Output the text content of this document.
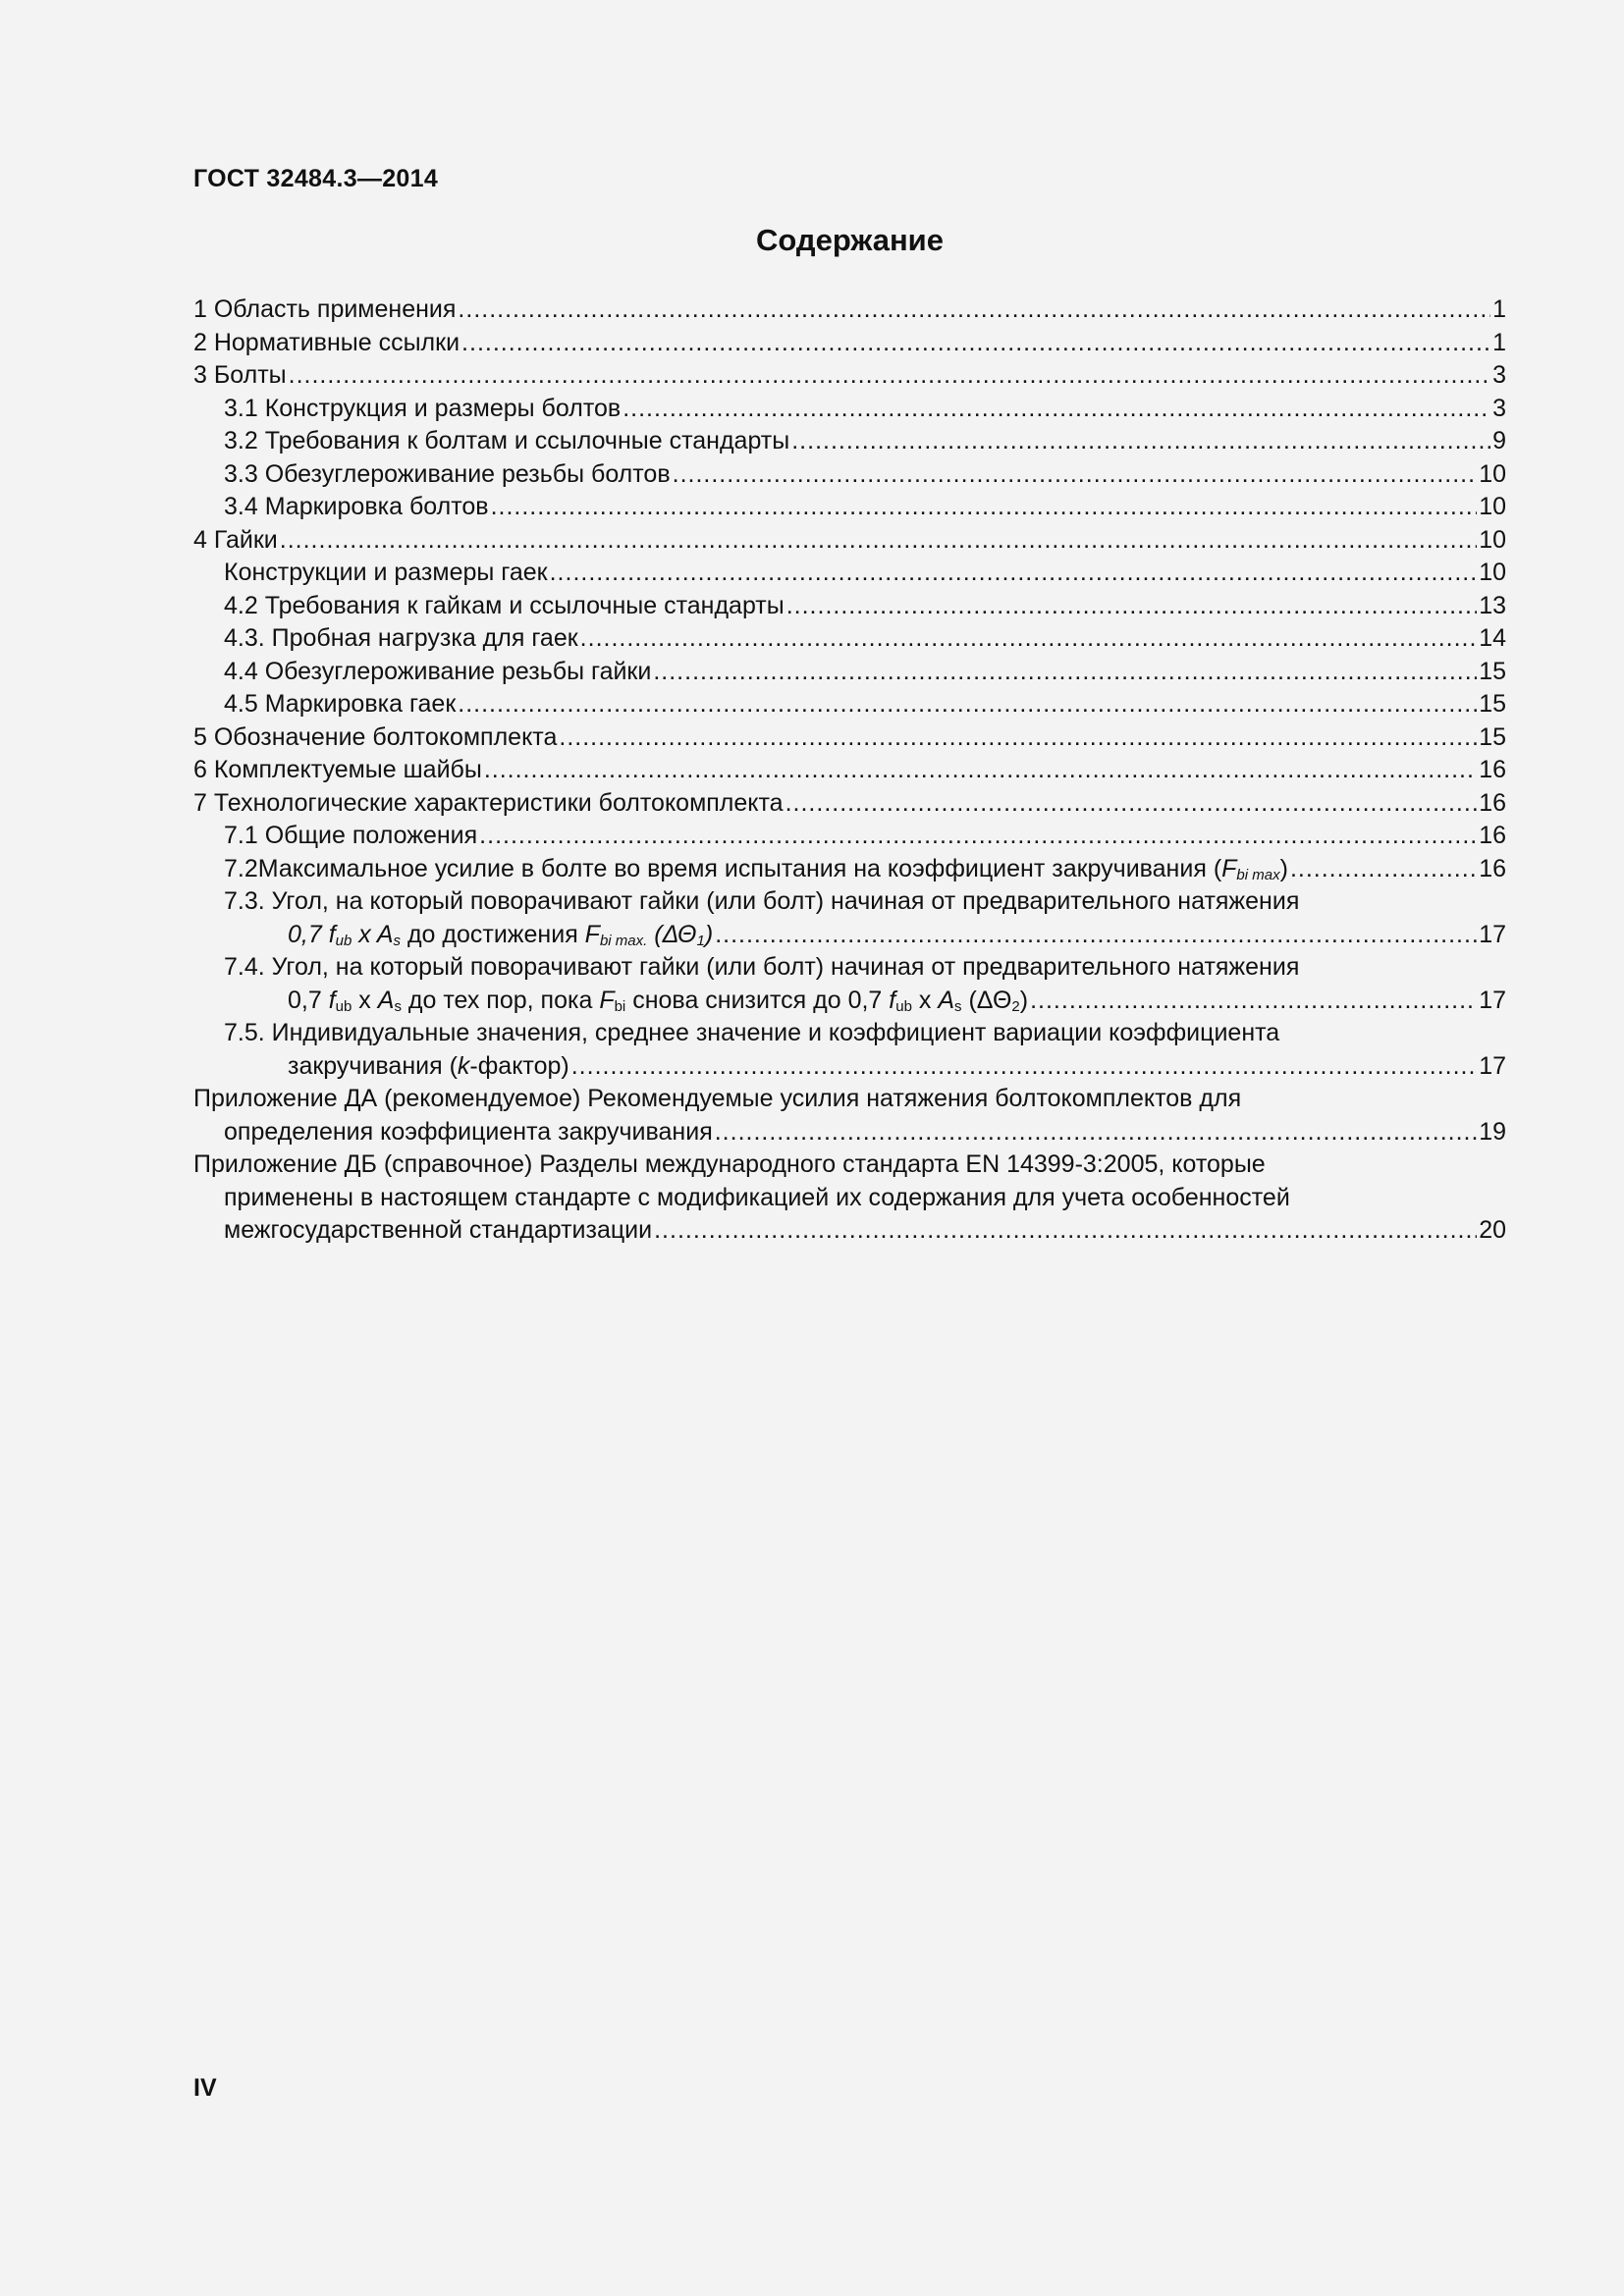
ГОСТ 32484.3—2014
Содержание
1 Область применения .....	1
2 Нормативные ссылки .....	1
3 Болты .....	3
3.1 Конструкция и размеры болтов .....	3
3.2 Требования к болтам и ссылочные стандарты .....	9
3.3 Обезуглероживание резьбы болтов .....	10
3.4 Маркировка болтов .....	10
4 Гайки .....	10
Конструкции и размеры гаек .....	10
4.2 Требования к гайкам и ссылочные стандарты .....	13
4.3. Пробная нагрузка для гаек .....	14
4.4 Обезуглероживание резьбы гайки .....	15
4.5 Маркировка гаек .....	15
5 Обозначение болтокомплекта .....	15
6 Комплектуемые шайбы .....	16
7 Технологические характеристики болтокомплекта .....	16
7.1 Общие положения .....	16
7.2Максимальное усилие в болте во время испытания на коэффициент закручивания $(F_{bi max})$ .....	16
7.3. Угол, на который поворачивают гайки (или болт) начиная от предварительного натяжения
0,7 $f_{ub}$ x $A_s$ до достижения $F_{bi max.}$ $(\Delta\Theta_1)$ .....	17
7.4. Угол, на который поворачивают гайки (или болт) начиная от предварительного натяжения
0,7 $f_{ub}$ x $A_s$ до тех пор, пока $F_{bi}$ снова снизится до 0,7 $f_{ub}$ x $A_s$ $(\Delta\Theta_2)$ .....	17
7.5. Индивидуальные значения, среднее значение и коэффициент вариации коэффициента
закручивания (k-фактор) .....	17
Приложение ДА (рекомендуемое) Рекомендуемые усилия натяжения болтокомплектов для
определения коэффициента закручивания .....	19
Приложение ДБ (справочное) Разделы международного стандарта EN 14399-3:2005, которые
применены в настоящем стандарте с модификацией их содержания для учета особенностей
межгосударственной стандартизации .....	20
IV
